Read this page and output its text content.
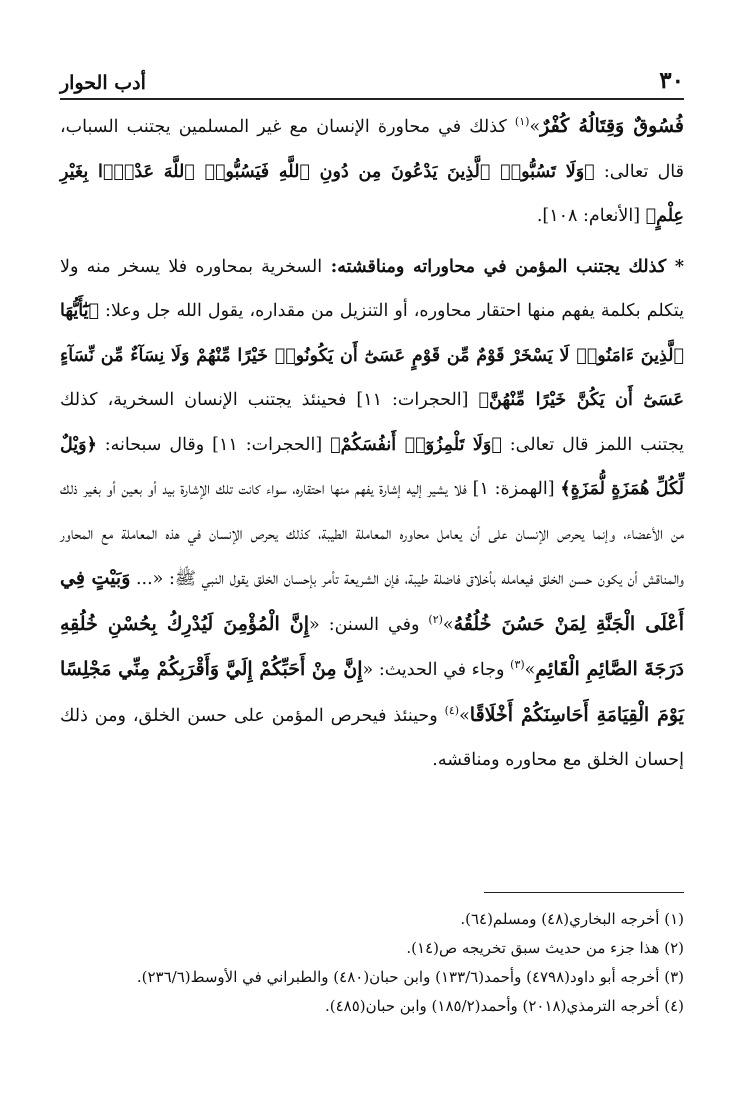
٣٠
أدب الحوار

فُسُوقٌ وَقِتَالُهُ كُفْرٌ»$^{(١)}$ كذلك في محاورة الإنسان مع غير المسلمين يجتنب السباب، قال تعالى: ﴿وَلَا تَسُبُّوا۟ ٱلَّذِينَ يَدْعُونَ مِن دُونِ ٱللَّهِ فَيَسُبُّوا۟ ٱللَّهَ عَدْوًۢا بِغَيْرِ عِلْمٍ﴾ [الأنعام: ١٠٨].

* كذلك يجتنب المؤمن في محاوراته ومناقشته: السخرية بمحاوره فلا يسخر منه ولا يتكلم بكلمة يفهم منها احتقار محاوره، أو التنزيل من مقداره، يقول الله جل وعلا: ﴿يَٰٓأَيُّهَا ٱلَّذِينَ ءَامَنُوا۟ لَا يَسْخَرْ قَوْمٌ مِّن قَوْمٍ عَسَىٰٓ أَن يَكُونُوا۟ خَيْرًا مِّنْهُمْ وَلَا نِسَآءٌ مِّن نِّسَآءٍ عَسَىٰٓ أَن يَكُنَّ خَيْرًا مِّنْهُنَّ﴾ [الحجرات: ١١] فحينئذ يجتنب الإنسان السخرية، كذلك يجتنب اللمز قال تعالى: ﴿وَلَا تَلْمِزُوٓا۟ أَنفُسَكُمْ﴾ [الحجرات: ١١] وقال سبحانه: ﴿وَيْلٌ لِّكُلِّ هُمَزَةٍ لُّمَزَةٍ﴾ [الهمزة: ١] فلا يشير إليه إشارة يفهم منها احتقاره، سواء كانت تلك الإشارة بيد أو بعين أو بغير ذلك من الأعضاء، وإنما يحرص الإنسان على أن يعامل محاوره المعاملة الطيبة، كذلك يحرص الإنسان في هذه المعاملة مع المحاور والمناقش أن يكون حسن الخلق فيعامله بأخلاق فاضلة طيبة، فإن الشريعة تأمر بإحسان الخلق يقول النبي ﷺ: «... وَبَيْتٍ فِي أَعْلَى الْجَنَّةِ لِمَنْ حَسُنَ خُلُقُهُ»$^{(٢)}$ وفي السنن: «إِنَّ الْمُؤْمِنَ لَيُدْرِكُ بِحُسْنِ خُلُقِهِ دَرَجَةَ الصَّائِمِ الْقَائِمِ»$^{(٣)}$ وجاء في الحديث: «إِنَّ مِنْ أَحَبِّكُمْ إِلَيَّ وَأَقْرَبِكُمْ مِنِّي مَجْلِسًا يَوْمَ الْقِيَامَةِ أَحَاسِنَكُمْ أَخْلَاقًا»$^{(٤)}$ وحينئذ فيحرص المؤمن على حسن الخلق، ومن ذلك إحسان الخلق مع محاوره ومناقشه.

(١) أخرجه البخاري(٤٨) ومسلم(٦٤).
(٢) هذا جزء من حديث سبق تخريجه ص(١٤).
(٣) أخرجه أبو داود(٤٧٩٨) وأحمد(١٣٣/٦) وابن حبان(٤٨٠) والطبراني في الأوسط(٢٣٦/٦).
(٤) أخرجه الترمذي(٢٠١٨) وأحمد(١٨٥/٢) وابن حبان(٤٨٥).
